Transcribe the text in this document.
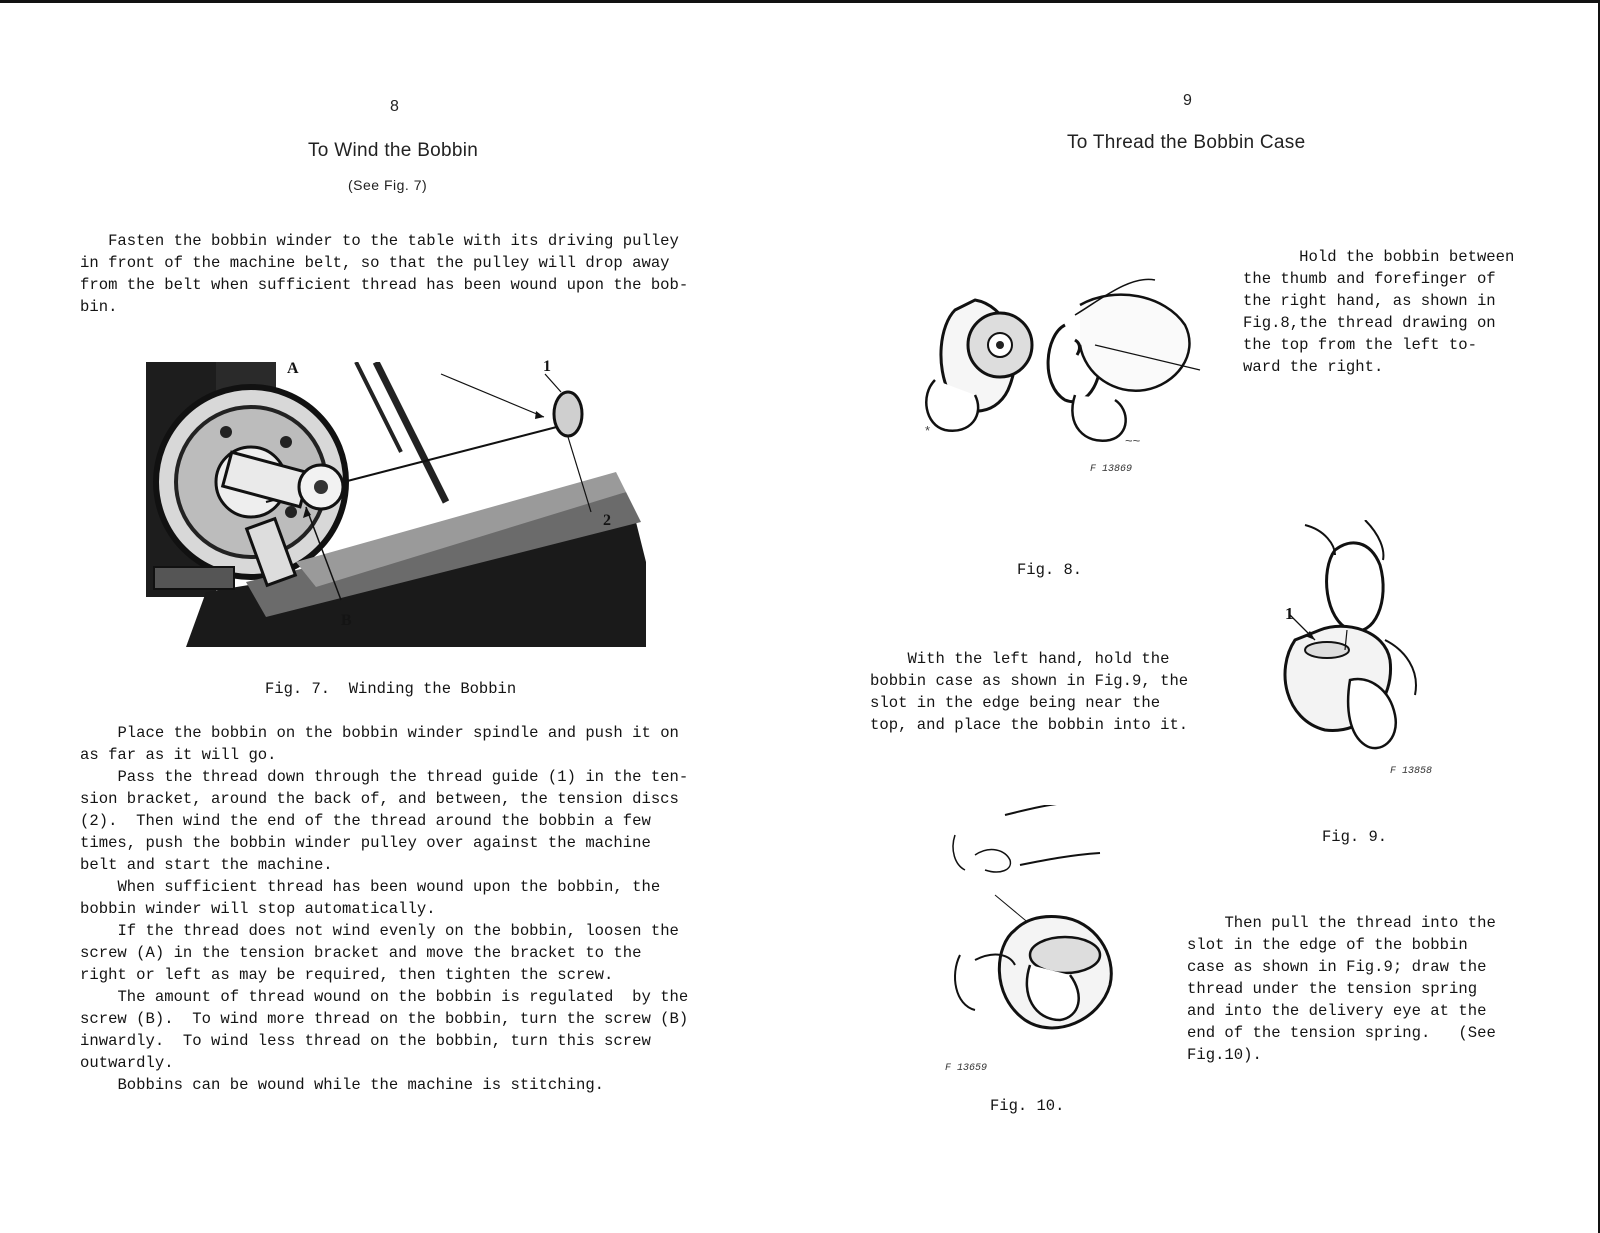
8
To Wind the Bobbin
(See Fig. 7)
Fasten the bobbin winder to the table with its driving pulley
in front of the machine belt, so that the pulley will drop away
from the belt when sufficient thread has been wound upon the bob-
bin.
A	1
2
B
Fig. 7.  Winding the Bobbin
Place the bobbin on the bobbin winder spindle and push it on
as far as it will go.
Pass the thread down through the thread guide (1) in the ten-
sion bracket, around the back of, and between, the tension discs
(2).  Then wind the end of the thread around the bobbin a few
times, push the bobbin winder pulley over against the machine
belt and start the machine.
When sufficient thread has been wound upon the bobbin, the
bobbin winder will stop automatically.
If the thread does not wind evenly on the bobbin, loosen the
screw (A) in the tension bracket and move the bracket to the
right or left as may be required, then tighten the screw.
The amount of thread wound on the bobbin is regulated  by the
screw (B).  To wind more thread on the bobbin, turn the screw (B)
inwardly.  To wind less thread on the bobbin, turn this screw
outwardly.
Bobbins can be wound while the machine is stitching.
9
To Thread the Bobbin Case
Hold the bobbin between
the thumb and forefinger of
the right hand, as shown in
Fig.8,the thread drawing on
the top from the left to-
ward the right.
~~
*
F 13869
Fig. 8.
1
F 13858
Fig. 9.
With the left hand, hold the
bobbin case as shown in Fig.9, the
slot in the edge being near the
top, and place the bobbin into it.
F 13659
Fig. 10.
Then pull the thread into the
slot in the edge of the bobbin
case as shown in Fig.9; draw the
thread under the tension spring
and into the delivery eye at the
end of the tension spring.   (See
Fig.10).
